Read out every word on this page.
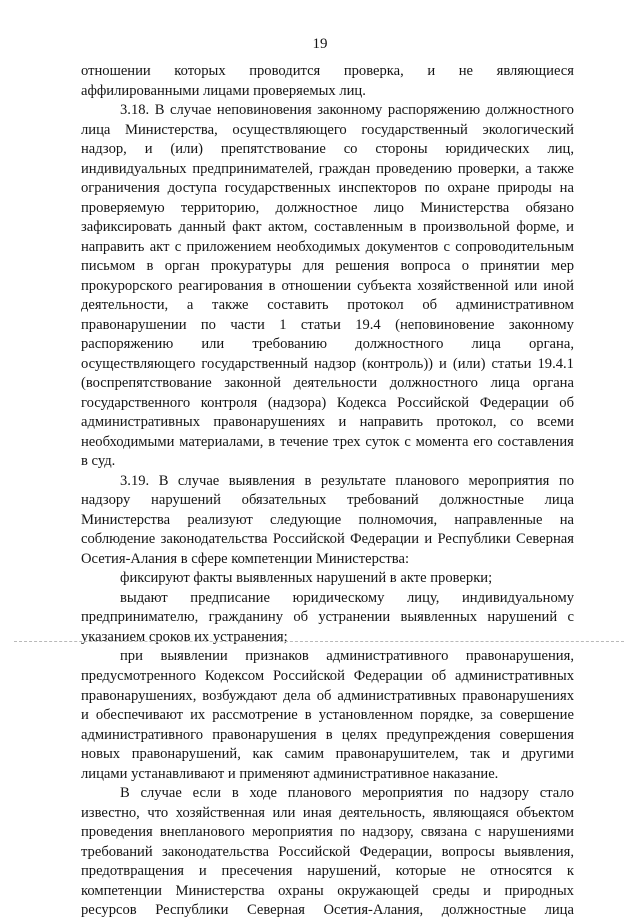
19
отношении которых проводится проверка, и не являющиеся
аффилированными лицами проверяемых лиц.
3.18. В случае неповиновения законному распоряжению должностного
лица Министерства, осуществляющего государственный экологический
надзор, и (или) препятствование со стороны юридических лиц,
индивидуальных предпринимателей, граждан проведению проверки, а также
ограничения доступа государственных инспекторов по охране природы на
проверяемую территорию, должностное лицо Министерства обязано
зафиксировать данный факт актом, составленным в произвольной форме, и
направить акт с приложением необходимых документов с сопроводительным
письмом в орган прокуратуры для решения вопроса о принятии мер
прокурорского реагирования в отношении субъекта хозяйственной или иной
деятельности, а также составить протокол об административном
правонарушении по части 1 статьи 19.4 (неповиновение законному
распоряжению или требованию должностного лица органа,
осуществляющего государственный надзор (контроль)) и (или) статьи 19.4.1
(воспрепятствование законной деятельности должностного лица органа
государственного контроля (надзора) Кодекса Российской Федерации об
административных правонарушениях и направить протокол, со всеми
необходимыми материалами, в течение трех суток с момента его составления
в суд.
3.19. В случае выявления в результате планового мероприятия по
надзору нарушений обязательных требований должностные лица
Министерства реализуют следующие полномочия, направленные на
соблюдение законодательства Российской Федерации и Республики Северная
Осетия-Алания в сфере компетенции Министерства:
фиксируют факты выявленных нарушений в акте проверки;
выдают предписание юридическому лицу, индивидуальному
предпринимателю, гражданину об устранении выявленных нарушений с
указанием сроков их устранения;
при выявлении признаков административного правонарушения,
предусмотренного Кодексом Российской Федерации об административных
правонарушениях, возбуждают дела об административных правонарушениях
и обеспечивают их рассмотрение в установленном порядке, за совершение
административного правонарушения в целях предупреждения совершения
новых правонарушений, как самим правонарушителем, так и другими
лицами устанавливают и применяют административное наказание.
В случае если в ходе планового мероприятия по надзору стало
известно, что хозяйственная или иная деятельность, являющаяся объектом
проведения внепланового мероприятия по надзору, связана с нарушениями
требований законодательства Российской Федерации, вопросы выявления,
предотвращения и пресечения нарушений, которые не относятся к
компетенции Министерства охраны окружающей среды и природных
ресурсов Республики Северная Осетия-Алания, должностные лица
